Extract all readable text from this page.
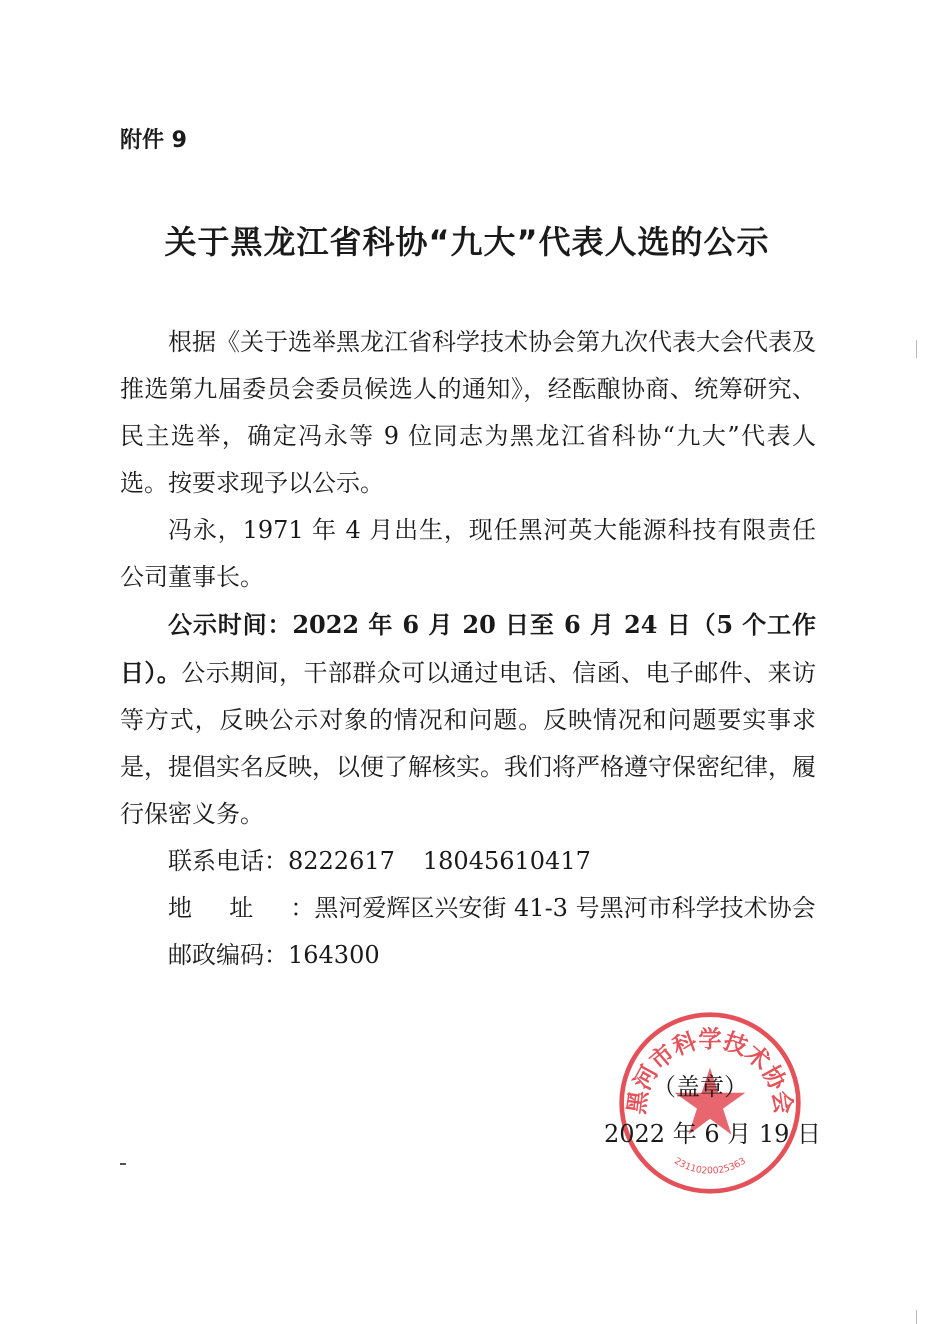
附件 9
关于黑龙江省科协“九大”代表人选的公示

根据《关于选举黑龙江省科学技术协会第九次代表大会代表及推选第九届委员会委员候选人的通知》，经酝酿协商、统筹研究、民主选举，确定冯永等 9 位同志为黑龙江省科协“九大”代表人选。按要求现予以公示。

冯永，1971 年 4 月出生，现任黑河英大能源科技有限责任公司董事长。

公示时间：2022 年 6 月 20 日至 6 月 24 日（5 个工作日）。公示期间，干部群众可以通过电话、信函、电子邮件、来访等方式，反映公示对象的情况和问题。反映情况和问题要实事求是，提倡实名反映，以便了解核实。我们将严格遵守保密纪律，履行保密义务。

联系电话：8222617 18045610417

地址：黑河爱辉区兴安街 41-3 号黑河市科学技术协会

邮政编码：164300

黑河市科学技术协会
2311020025363
（盖章）
2022 年 6 月 19 日
